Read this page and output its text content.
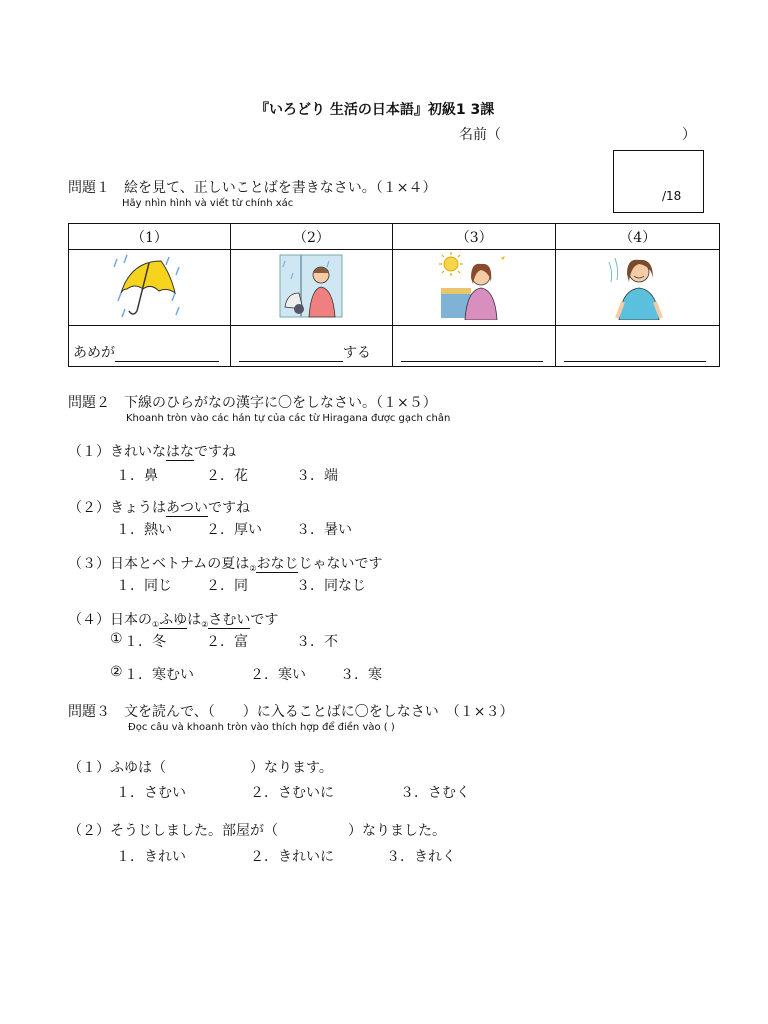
『いろどり 生活の日本語』初級1 3課
名前（	）
/18
問題１　絵を見て、正しいことばを書きなさい。（１×４）
Hãy nhìn hình và viết từ chính xác
（1）	（2）	（3）	（4）

あめが	する		

問題２　下線のひらがなの漢字に〇をしなさい。（１×５）
Khoanh tròn vào các hán tự của các từ Hiragana được gạch chân
（１）きれいなはなですね
１．鼻	２．花	３．端
（２）きょうはあついですね
１．熱い ２．厚い ３．暑い
（３）日本とベトナムの夏は$_②$おなじじゃないです
１．同じ ２．同	３．同なじ
（４）日本の$_①$ふゆは$_②$さむいです
① １．冬	２．富	３．不
② １．寒むい	２．寒い ３．寒
問題３　文を読んで、（　　）に入ることばに〇をしなさい　（１×３）
Đọc câu và khoanh tròn vào thích hợp để điền vào ( )
（１）ふゆは（　　　　　　）なります。
１．さむい	２．さむいに	３．さむく
（２）そうじしました。部屋が（　　　　　）なりました。
１．きれい	２．きれいに	３．きれく
